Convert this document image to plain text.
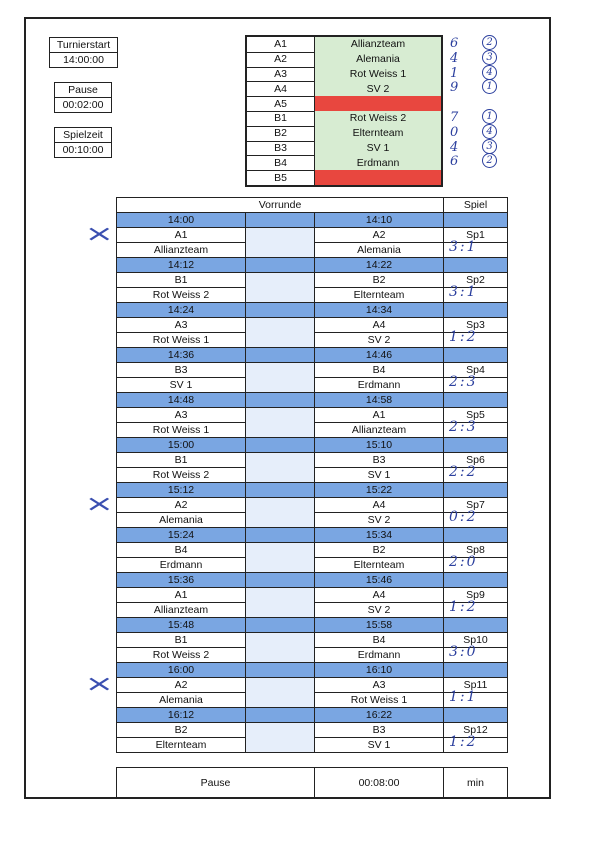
Turnierstart
14:00:00
Pause
00:02:00
Spielzeit
00:10:00
A1	Allianzteam
A2	Alemania
A3	Rot Weiss 1
A4	SV 2
A5
B1	Rot Weiss 2
B2	Elternteam
B3	SV 1
B4	Erdmann
B5
6	2
4	3
1	4
9	1
7	1
0	4
4	3
6	2
Vorrunde	Spiel
14:00	14:10
A1	A2	Sp1
Allianzteam	Alemania	3:1
×
14:12	14:22
B1	B2	Sp2
Rot Weiss 2	Elternteam	3:1
14:24	14:34
A3	A4	Sp3
Rot Weiss 1	SV 2	1:2
14:36	14:46
B3	B4	Sp4
SV 1	Erdmann	2:3
14:48	14:58
A3	A1	Sp5
Rot Weiss 1	Allianzteam	2:3
15:00	15:10
B1	B3	Sp6
Rot Weiss 2	SV 1	2:2
15:12	15:22
A2	A4	Sp7
Alemania	SV 2	0:2
×
15:24	15:34
B4	B2	Sp8
Erdmann	Elternteam	2:0
15:36	15:46
A1	A4	Sp9
Allianzteam	SV 2	1:2
15:48	15:58
B1	B4	Sp10
Rot Weiss 2	Erdmann	3:0
16:00	16:10
A2	A3	Sp11
Alemania	Rot Weiss 1	1:1
×
16:12	16:22
B2	B3	Sp12
Elternteam	SV 1	1:2
Pause	00:08:00	min
